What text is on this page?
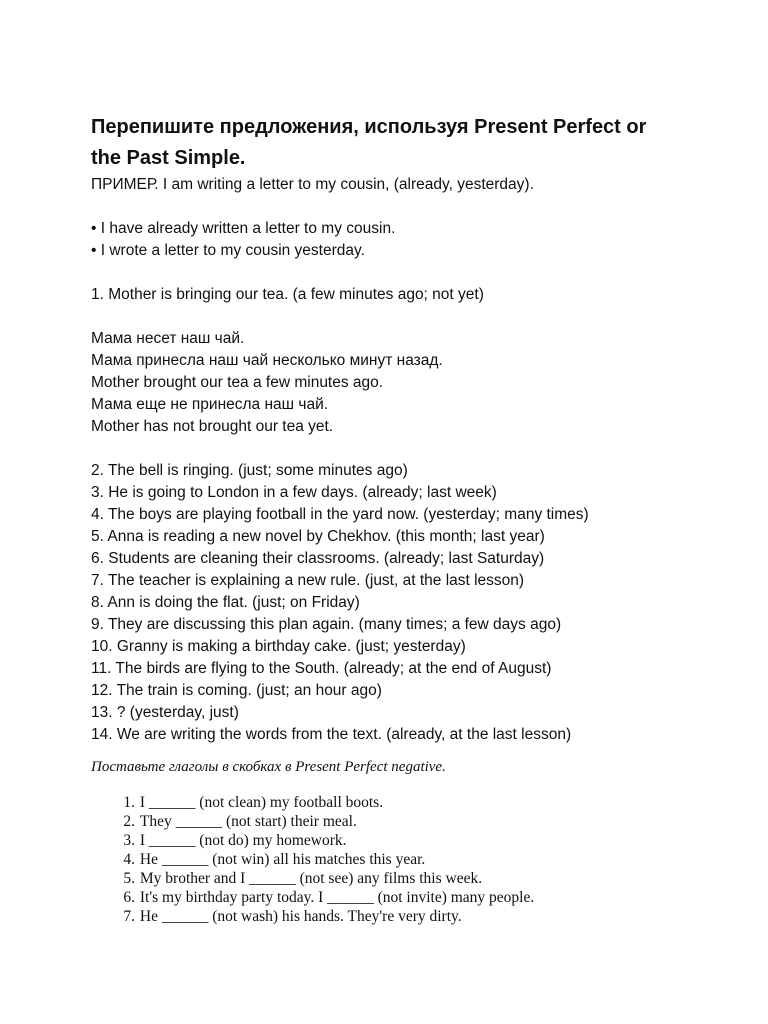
Перепишите предложения, используя Present Perfect or the Past Simple.
ПРИМЕР. I am writing a letter to my cousin, (already, yesterday).
• I have already written a letter to my cousin.
• I wrote a letter to my cousin yesterday.
1. Mother is bringing our tea. (a few minutes ago; not yet)
Мама несет наш чай.
Мама принесла наш чай несколько минут назад.
Mother brought our tea a few minutes ago.
Мама еще не принесла наш чай.
Mother has not brought our tea yet.
2. The bell is ringing. (just; some minutes ago)
3. He is going to London in a few days. (already; last week)
4. The boys are playing football in the yard now. (yesterday; many times)
5. Anna is reading a new novel by Chekhov. (this month; last year)
6. Students are cleaning their classrooms. (already; last Saturday)
7. The teacher is explaining a new rule. (just, at the last lesson)
8. Ann is doing the flat. (just; on Friday)
9. They are discussing this plan again. (many times; a few days ago)
10. Granny is making a birthday cake. (just; yesterday)
11. The birds are flying to the South. (already; at the end of August)
12. The train is coming. (just; an hour ago)
13. ? (yesterday, just)
14. We are writing the words from the text. (already, at the last lesson)
Поставьте глаголы в скобках в Present Perfect negative.
1.
I ______ (not clean) my football boots.
2.
They ______ (not start) their meal.
3.
I ______ (not do) my homework.
4.
He ______ (not win) all his matches this year.
5.
My brother and I ______ (not see) any films this week.
6.
It's my birthday party today. I ______ (not invite) many people.
7.
He ______ (not wash) his hands. They're very dirty.
